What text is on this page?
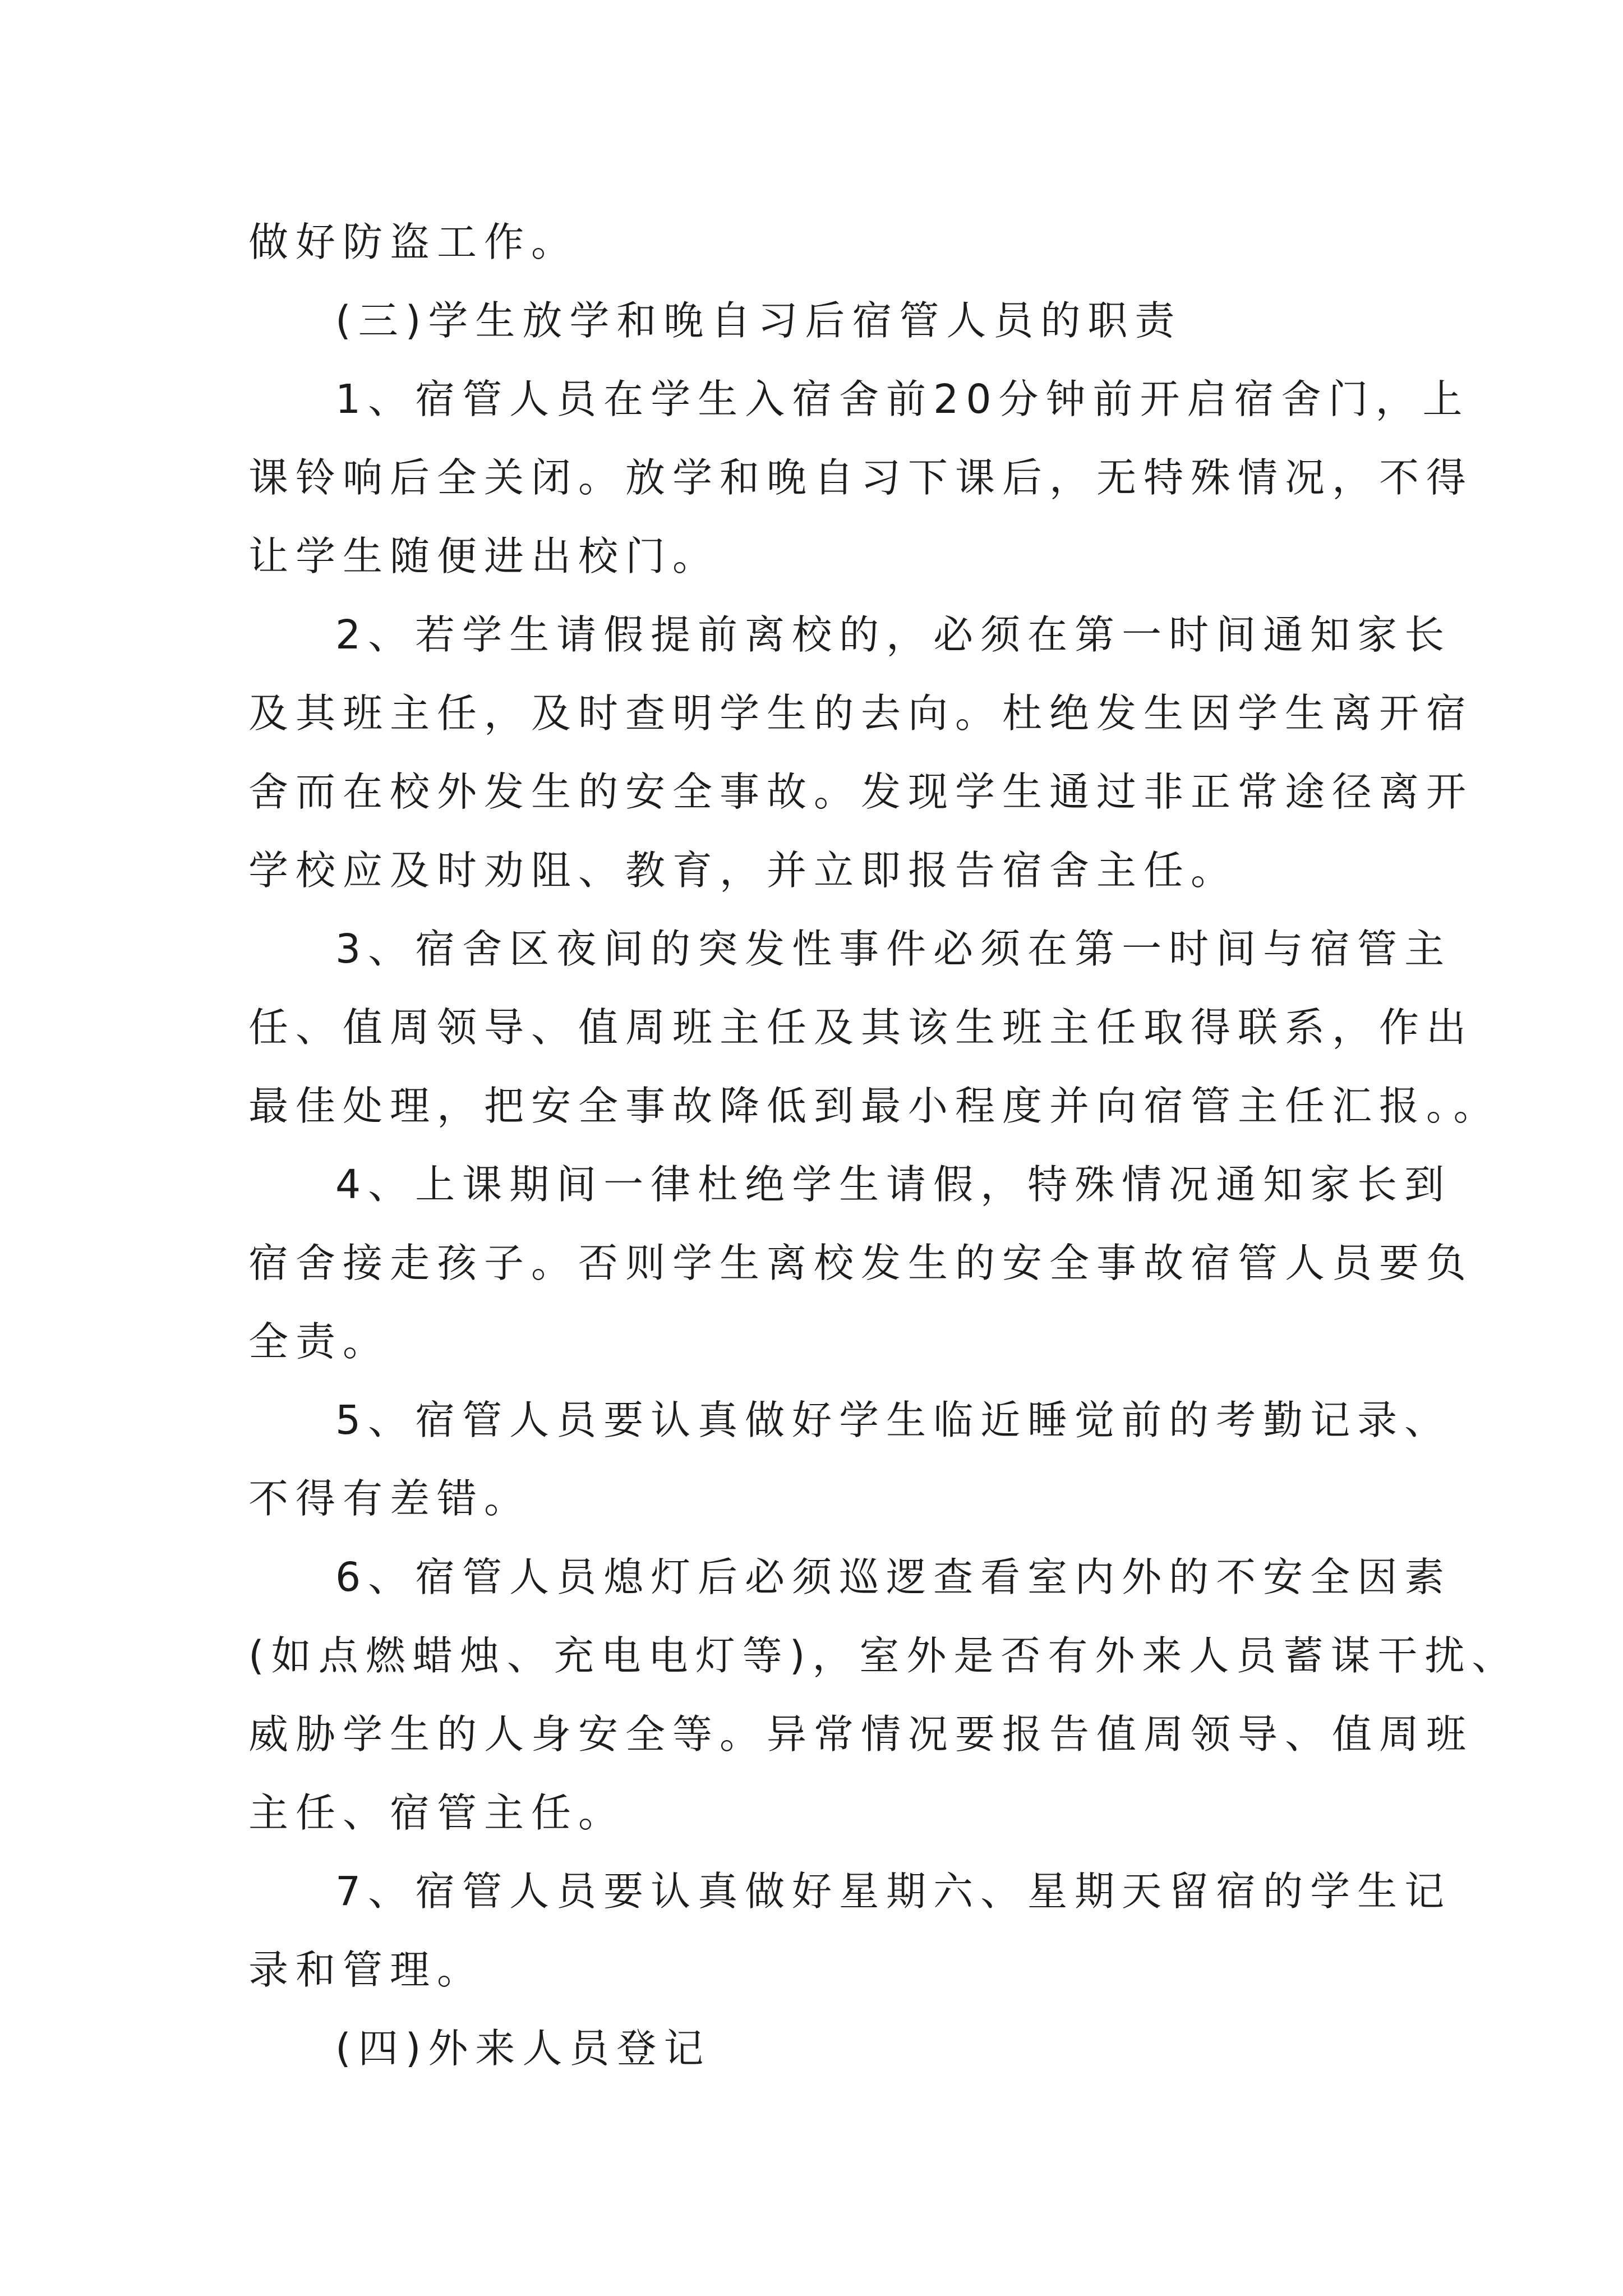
做好防盗工作。
(三)学生放学和晚自习后宿管人员的职责
1、宿管人员在学生入宿舍前20分钟前开启宿舍门，上
课铃响后全关闭。放学和晚自习下课后，无特殊情况，不得
让学生随便进出校门。
2、若学生请假提前离校的，必须在第一时间通知家长
及其班主任，及时查明学生的去向。杜绝发生因学生离开宿
舍而在校外发生的安全事故。发现学生通过非正常途径离开
学校应及时劝阻、教育，并立即报告宿舍主任。
3、宿舍区夜间的突发性事件必须在第一时间与宿管主
任、值周领导、值周班主任及其该生班主任取得联系，作出
最佳处理，把安全事故降低到最小程度并向宿管主任汇报。。
4、上课期间一律杜绝学生请假，特殊情况通知家长到
宿舍接走孩子。否则学生离校发生的安全事故宿管人员要负
全责。
5、宿管人员要认真做好学生临近睡觉前的考勤记录、
不得有差错。
6、宿管人员熄灯后必须巡逻查看室内外的不安全因素
(如点燃蜡烛、充电电灯等)，室外是否有外来人员蓄谋干扰、
威胁学生的人身安全等。异常情况要报告值周领导、值周班
主任、宿管主任。
7、宿管人员要认真做好星期六、星期天留宿的学生记
录和管理。
(四)外来人员登记
